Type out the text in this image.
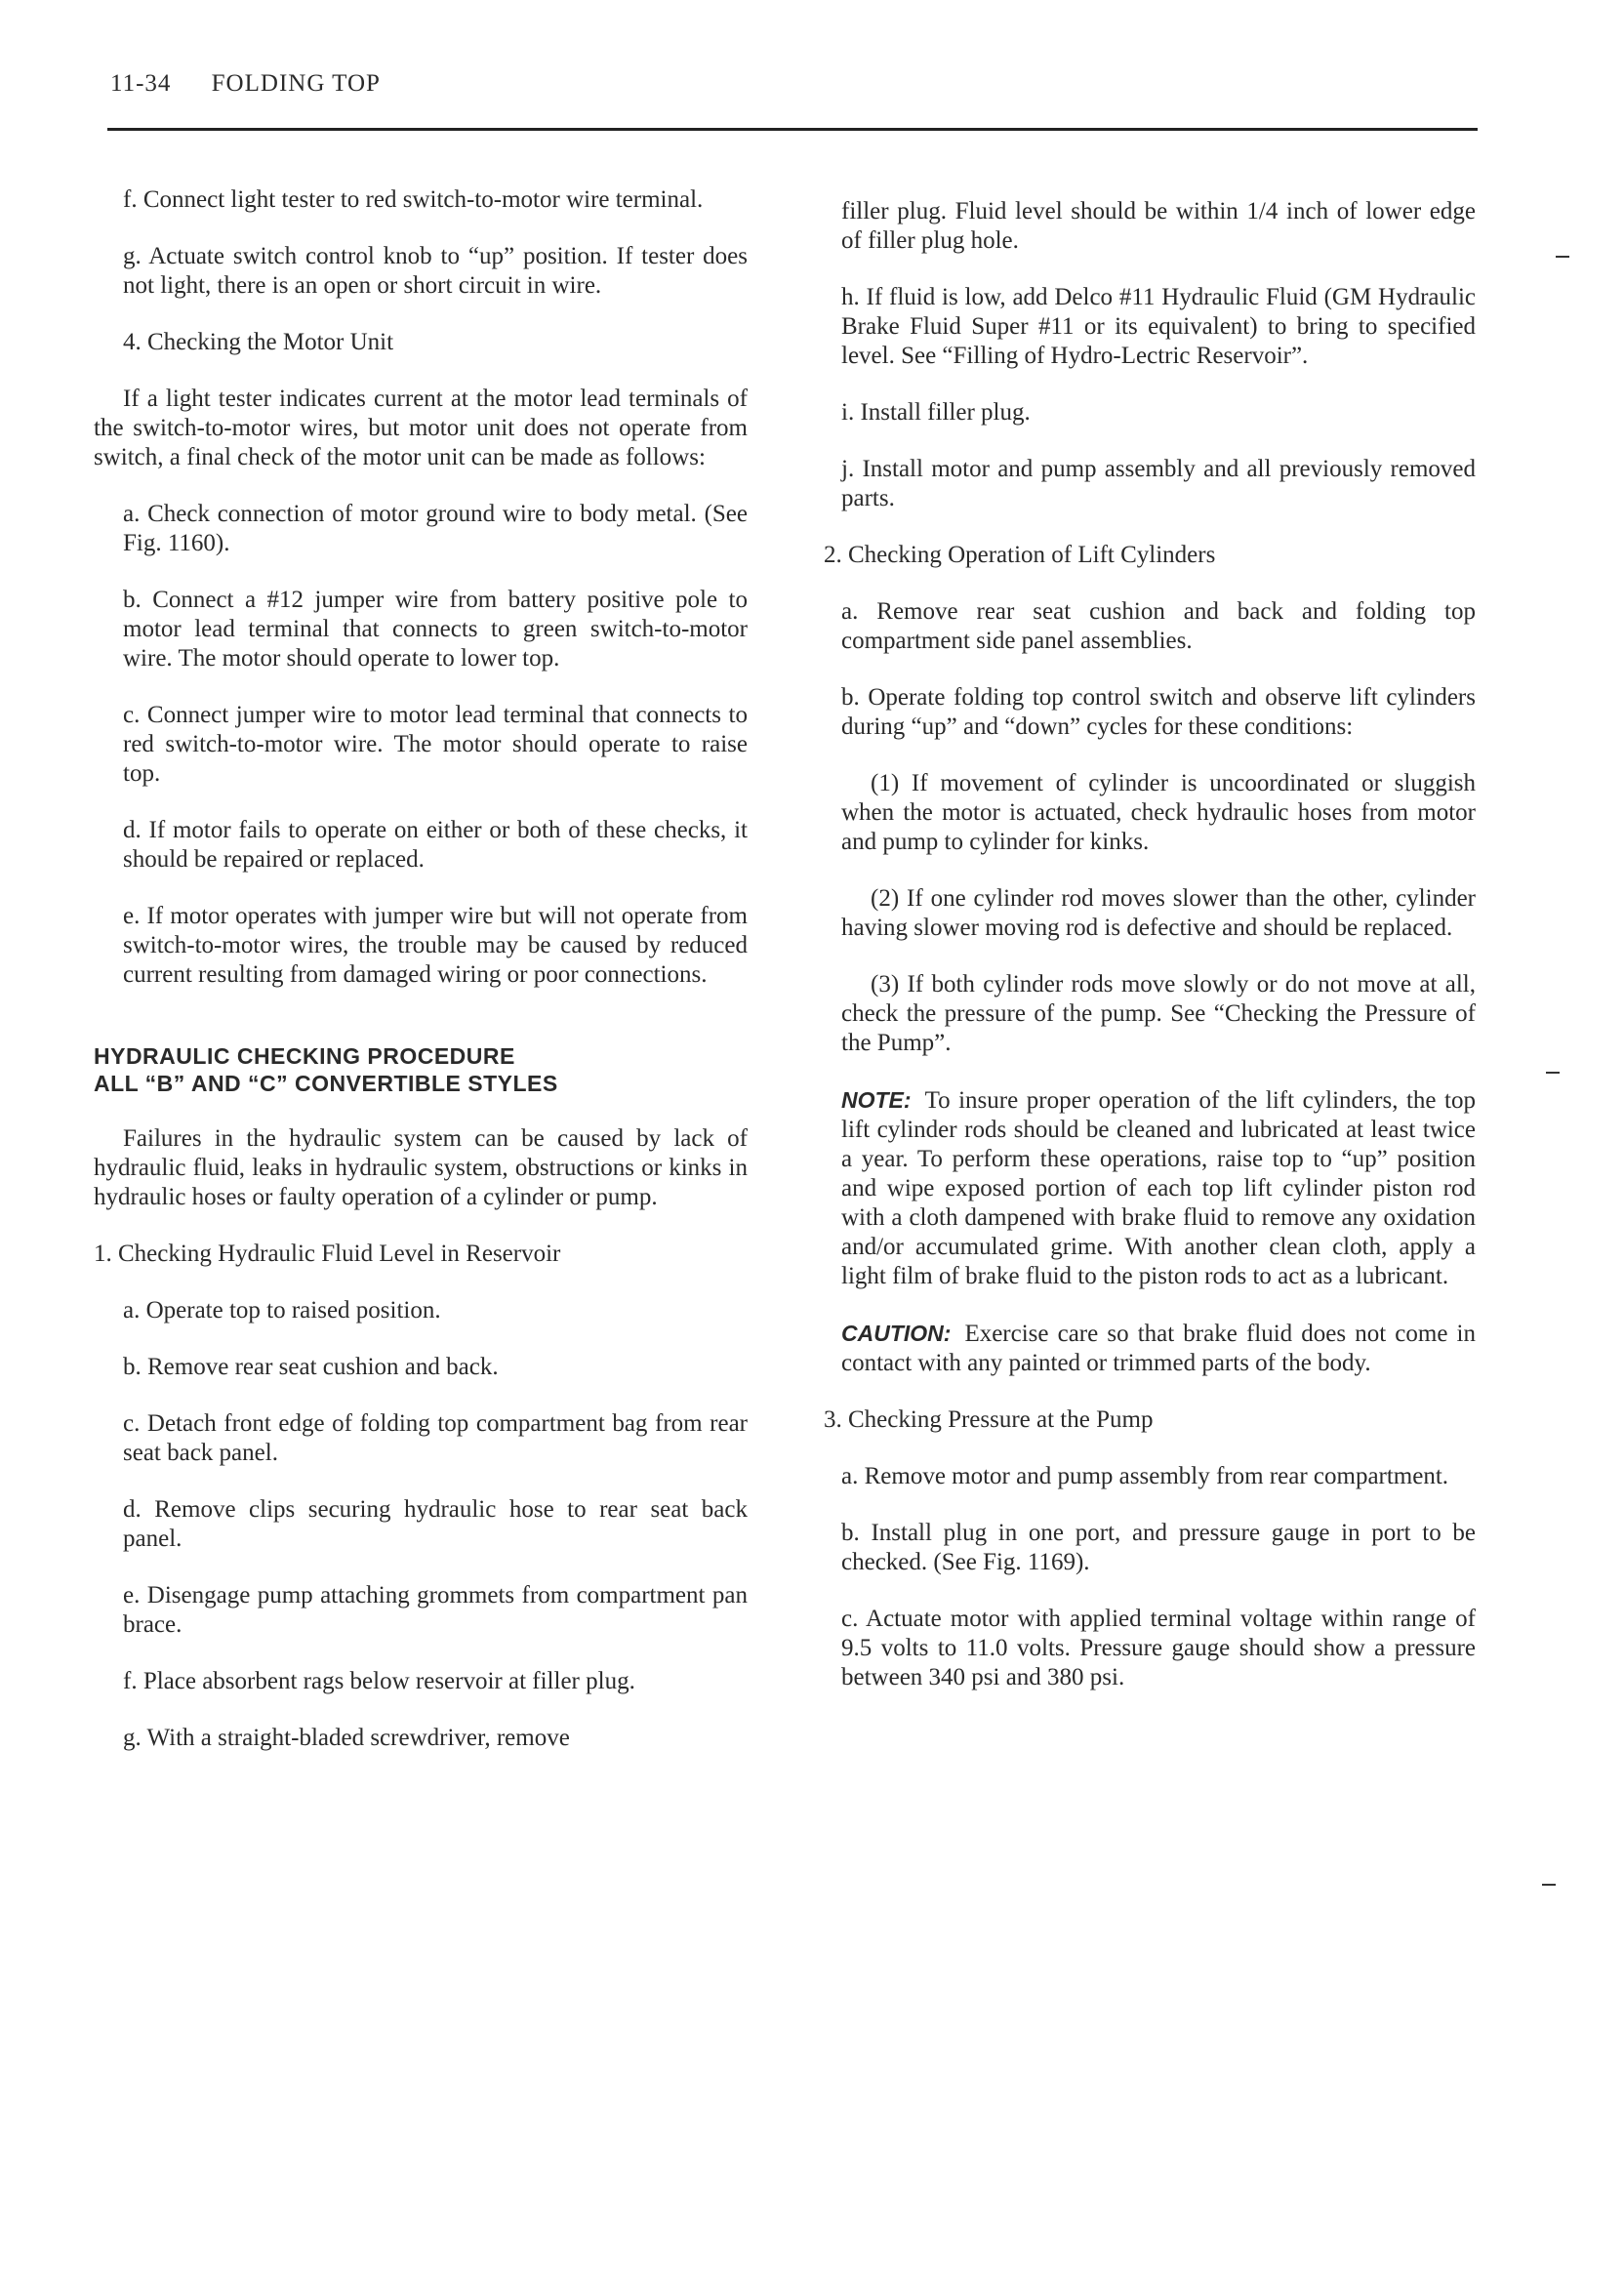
11-34 FOLDING TOP

f. Connect light tester to red switch-to-motor wire terminal.

g. Actuate switch control knob to “up” position. If tester does not light, there is an open or short circuit in wire.

4. Checking the Motor Unit

If a light tester indicates current at the motor lead terminals of the switch-to-motor wires, but motor unit does not operate from switch, a final check of the motor unit can be made as follows:

a. Check connection of motor ground wire to body metal. (See Fig. 1160).

b. Connect a #12 jumper wire from battery positive pole to motor lead terminal that connects to green switch-to-motor wire. The motor should operate to lower top.

c. Connect jumper wire to motor lead terminal that connects to red switch-to-motor wire. The motor should operate to raise top.

d. If motor fails to operate on either or both of these checks, it should be repaired or replaced.

e. If motor operates with jumper wire but will not operate from switch-to-motor wires, the trouble may be caused by reduced current resulting from damaged wiring or poor connections.

HYDRAULIC CHECKING PROCEDURE

ALL “B” AND “C” CONVERTIBLE STYLES

Failures in the hydraulic system can be caused by lack of hydraulic fluid, leaks in hydraulic system, obstructions or kinks in hydraulic hoses or faulty operation of a cylinder or pump.

1. Checking Hydraulic Fluid Level in Reservoir

a. Operate top to raised position.

b. Remove rear seat cushion and back.

c. Detach front edge of folding top compartment bag from rear seat back panel.

d. Remove clips securing hydraulic hose to rear seat back panel.

e. Disengage pump attaching grommets from compartment pan brace.

f. Place absorbent rags below reservoir at filler plug.

g. With a straight-bladed screwdriver, remove

filler plug. Fluid level should be within 1/4 inch of lower edge of filler plug hole.

h. If fluid is low, add Delco #11 Hydraulic Fluid (GM Hydraulic Brake Fluid Super #11 or its equivalent) to bring to specified level. See “Filling of Hydro-Lectric Reservoir”.

i. Install filler plug.

j. Install motor and pump assembly and all previously removed parts.

2. Checking Operation of Lift Cylinders

a. Remove rear seat cushion and back and folding top compartment side panel assemblies.

b. Operate folding top control switch and observe lift cylinders during “up” and “down” cycles for these conditions:

(1) If movement of cylinder is uncoordinated or sluggish when the motor is actuated, check hydraulic hoses from motor and pump to cylinder for kinks.

(2) If one cylinder rod moves slower than the other, cylinder having slower moving rod is defective and should be replaced.

(3) If both cylinder rods move slowly or do not move at all, check the pressure of the pump. See “Checking the Pressure of the Pump”.

NOTE: To insure proper operation of the lift cylinders, the top lift cylinder rods should be cleaned and lubricated at least twice a year. To perform these operations, raise top to “up” position and wipe exposed portion of each top lift cylinder piston rod with a cloth dampened with brake fluid to remove any oxidation and/or accumulated grime. With another clean cloth, apply a light film of brake fluid to the piston rods to act as a lubricant.

CAUTION: Exercise care so that brake fluid does not come in contact with any painted or trimmed parts of the body.

3. Checking Pressure at the Pump

a. Remove motor and pump assembly from rear compartment.

b. Install plug in one port, and pressure gauge in port to be checked. (See Fig. 1169).

c. Actuate motor with applied terminal voltage within range of 9.5 volts to 11.0 volts. Pressure gauge should show a pressure between 340 psi and 380 psi.
